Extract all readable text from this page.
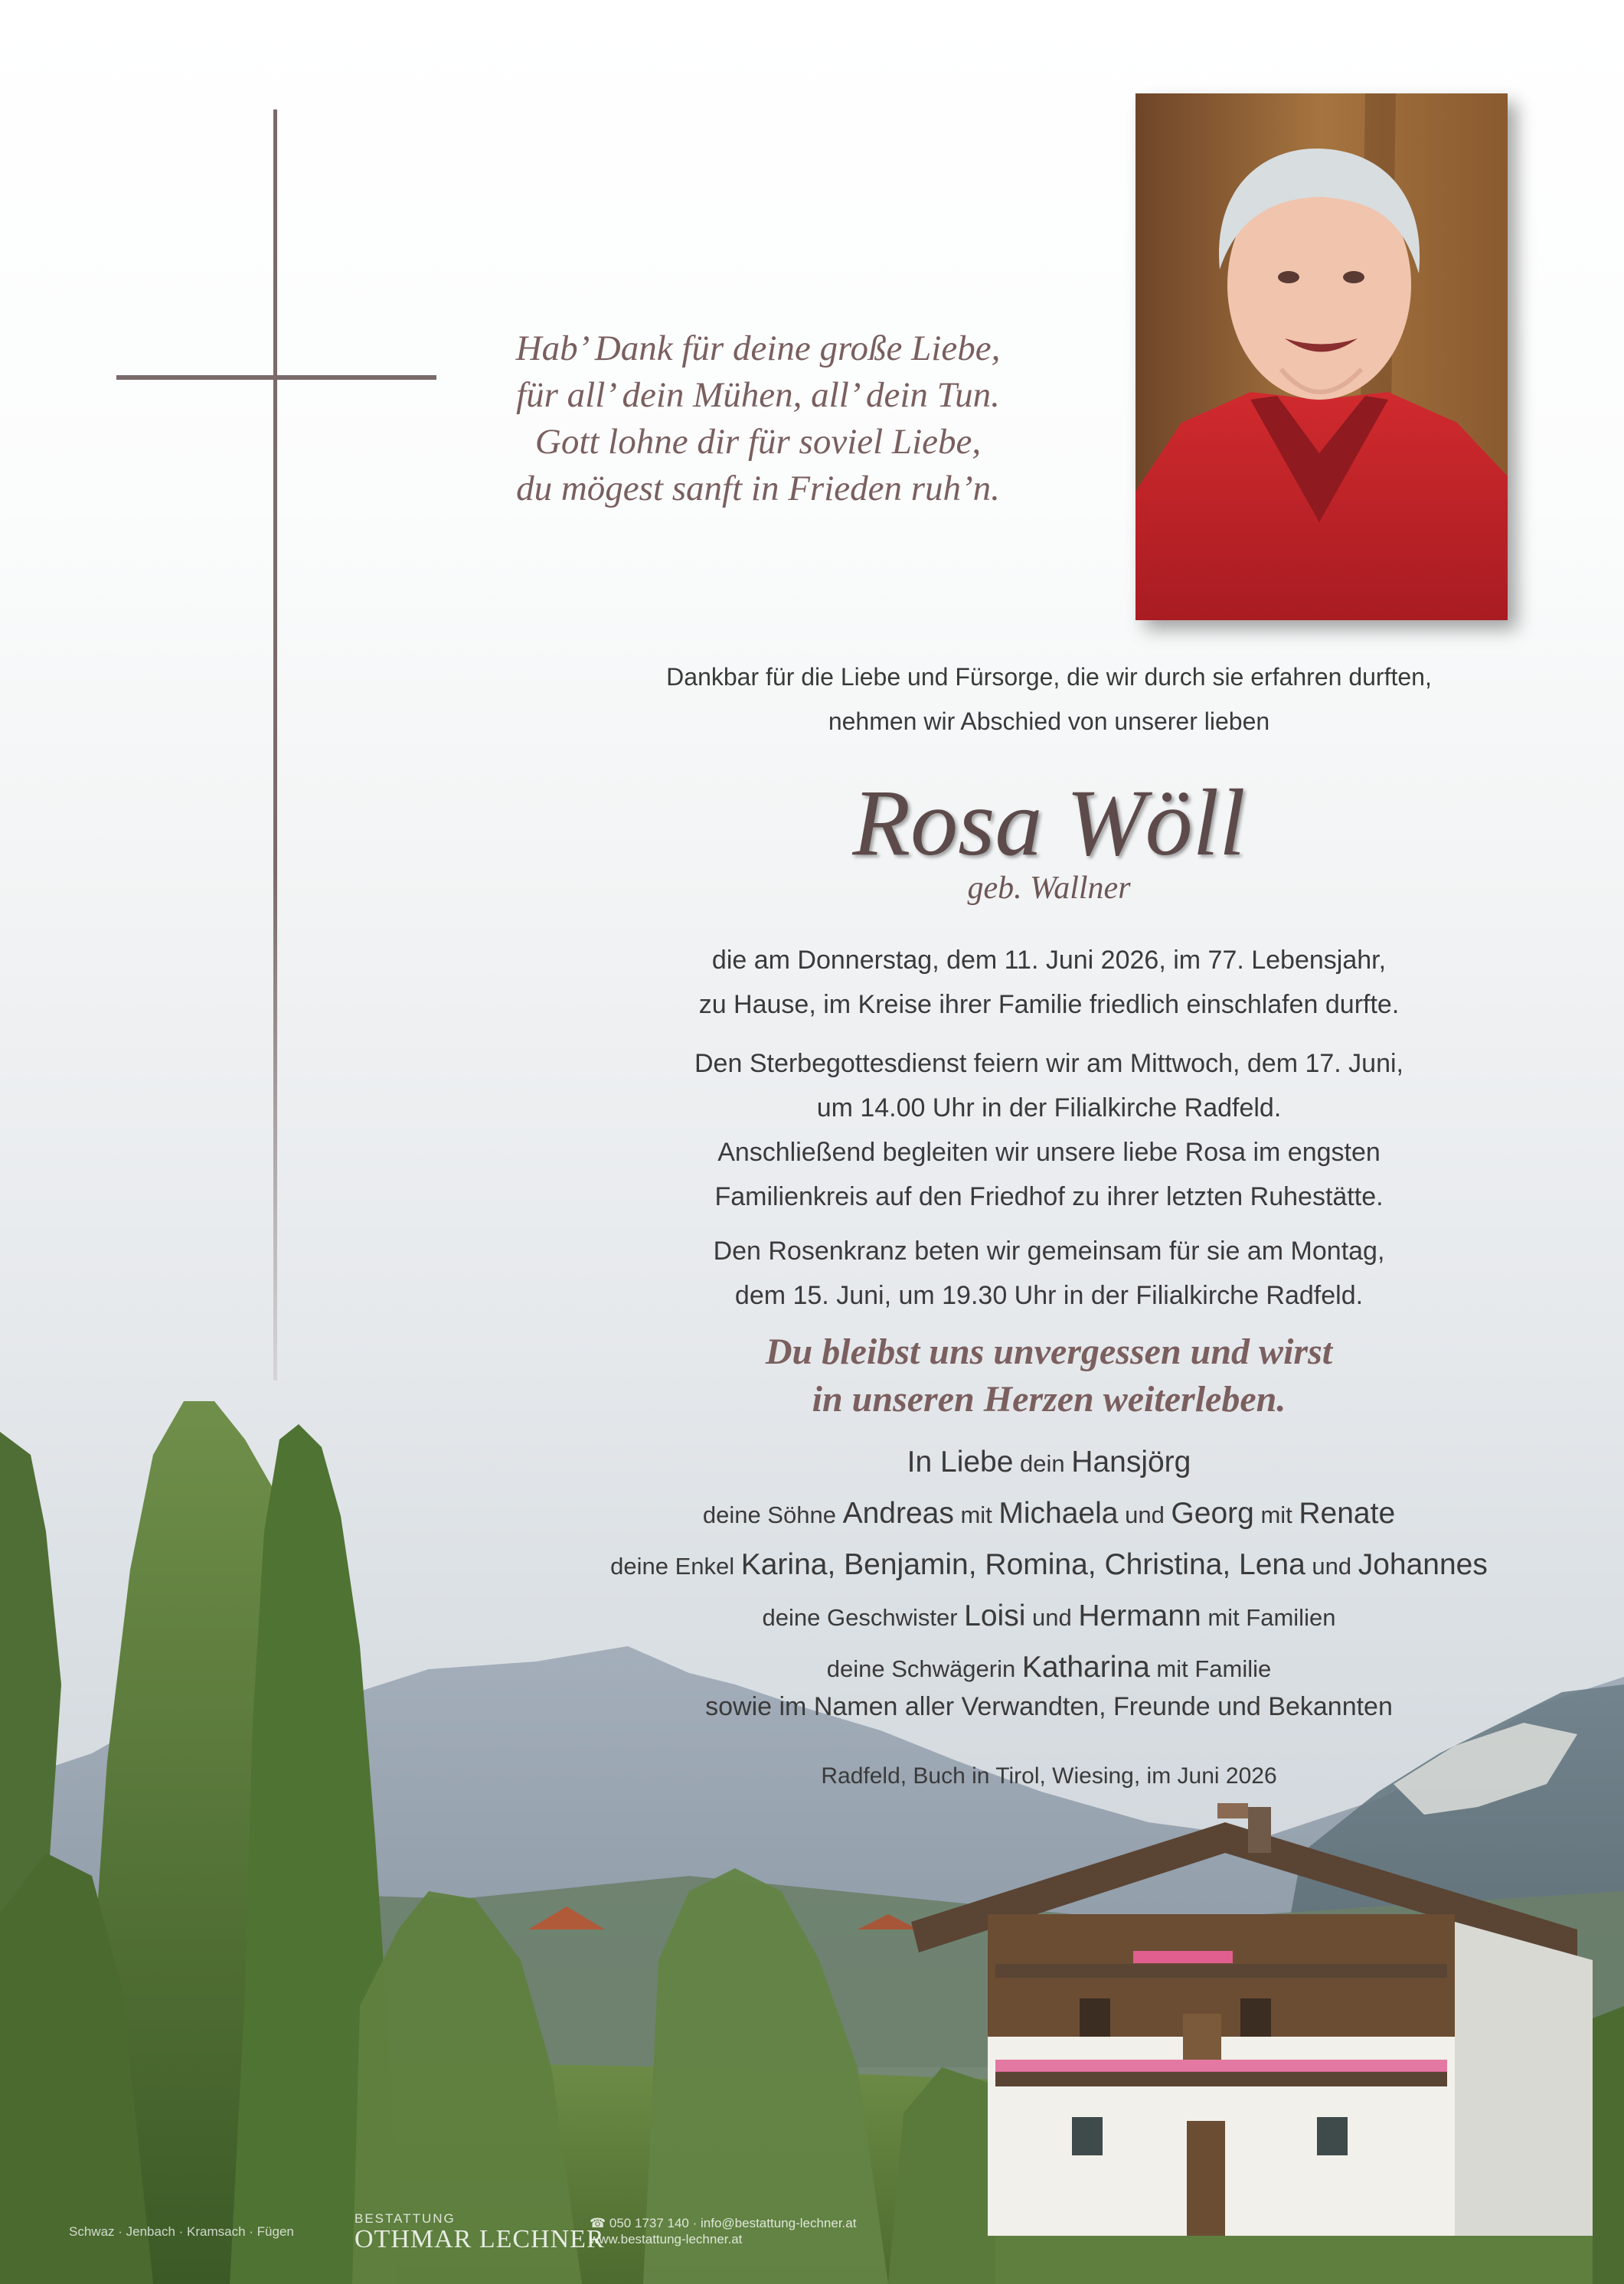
Hab’ Dank für deine große Liebe,
für all’ dein Mühen, all’ dein Tun.
Gott lohne dir für soviel Liebe,
du mögest sanft in Frieden ruh’n.
Dankbar für die Liebe und Fürsorge, die wir durch sie erfahren durften,
nehmen wir Abschied von unserer lieben
Rosa Wöll
geb. Wallner
die am Donnerstag, dem 11. Juni 2026, im 77. Lebensjahr,
zu Hause, im Kreise ihrer Familie friedlich einschlafen durfte.
Den Sterbegottesdienst feiern wir am Mittwoch, dem 17. Juni,
um 14.00 Uhr in der Filialkirche Radfeld.
Anschließend begleiten wir unsere liebe Rosa im engsten
Familienkreis auf den Friedhof zu ihrer letzten Ruhestätte.
Den Rosenkranz beten wir gemeinsam für sie am Montag,
dem 15. Juni, um 19.30 Uhr in der Filialkirche Radfeld.
Du bleibst uns unvergessen und wirst
in unseren Herzen weiterleben.
In Liebe dein Hansjörg
deine Söhne Andreas mit Michaela und Georg mit Renate
deine Enkel Karina, Benjamin, Romina, Christina, Lena und Johannes
deine Geschwister Loisi und Hermann mit Familien
deine Schwägerin Katharina mit Familie
sowie im Namen aller Verwandten, Freunde und Bekannten
Radfeld, Buch in Tirol, Wiesing, im Juni 2026
Schwaz · Jenbach · Kramsach · Fügen
BESTATTUNG
OTHMAR LECHNER
☎ 050 1737 140 · info@bestattung-lechner.at
www.bestattung-lechner.at
